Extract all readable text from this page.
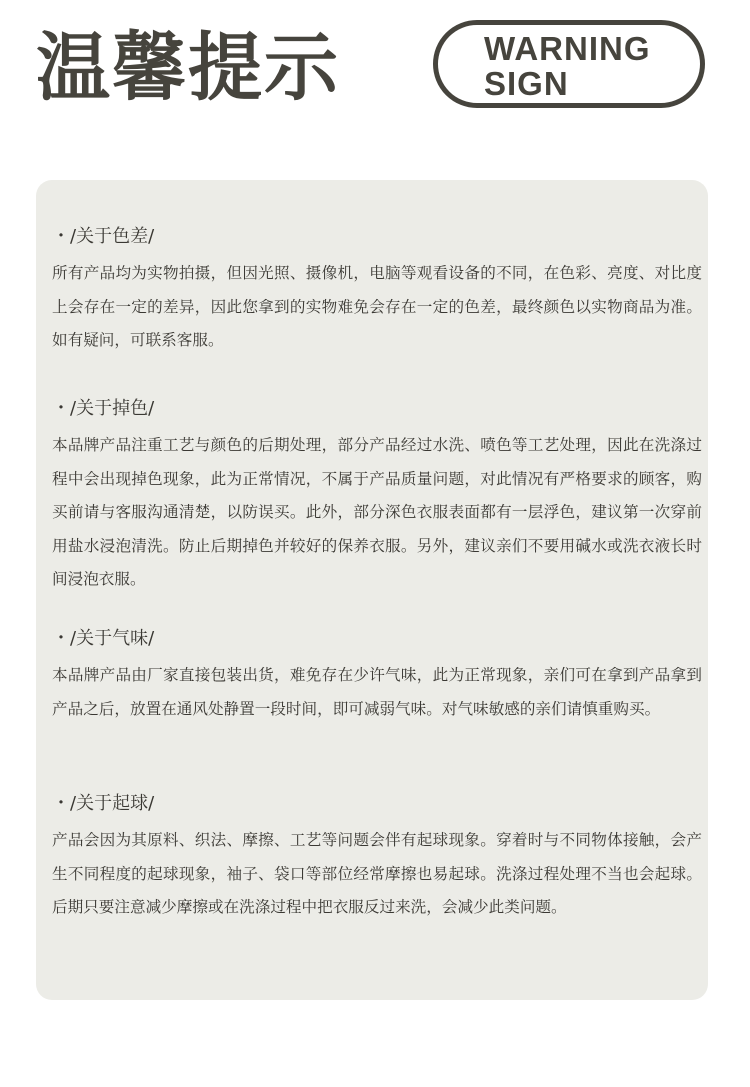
温馨提示	WARNING
SIGN
・/关于色差/

所有产品均为实物拍摄，但因光照、摄像机，电脑等观看设备的不同，在色彩、亮度、对比度上会存在一定的差异，因此您拿到的实物难免会存在一定的色差，最终颜色以实物商品为准。如有疑问，可联系客服。

・/关于掉色/

本品牌产品注重工艺与颜色的后期处理，部分产品经过水洗、喷色等工艺处理，因此在洗涤过程中会出现掉色现象，此为正常情况，不属于产品质量问题，对此情况有严格要求的顾客，购买前请与客服沟通清楚，以防误买。此外，部分深色衣服表面都有一层浮色，建议第一次穿前用盐水浸泡清洗。防止后期掉色并较好的保养衣服。另外，建议亲们不要用碱水或洗衣液长时间浸泡衣服。

・/关于气味/

本品牌产品由厂家直接包装出货，难免存在少许气味，此为正常现象，亲们可在拿到产品拿到产品之后，放置在通风处静置一段时间，即可减弱气味。对气味敏感的亲们请慎重购买。

・/关于起球/

产品会因为其原料、织法、摩擦、工艺等问题会伴有起球现象。穿着时与不同物体接触，会产生不同程度的起球现象，袖子、袋口等部位经常摩擦也易起球。洗涤过程处理不当也会起球。后期只要注意减少摩擦或在洗涤过程中把衣服反过来洗，会减少此类问题。
